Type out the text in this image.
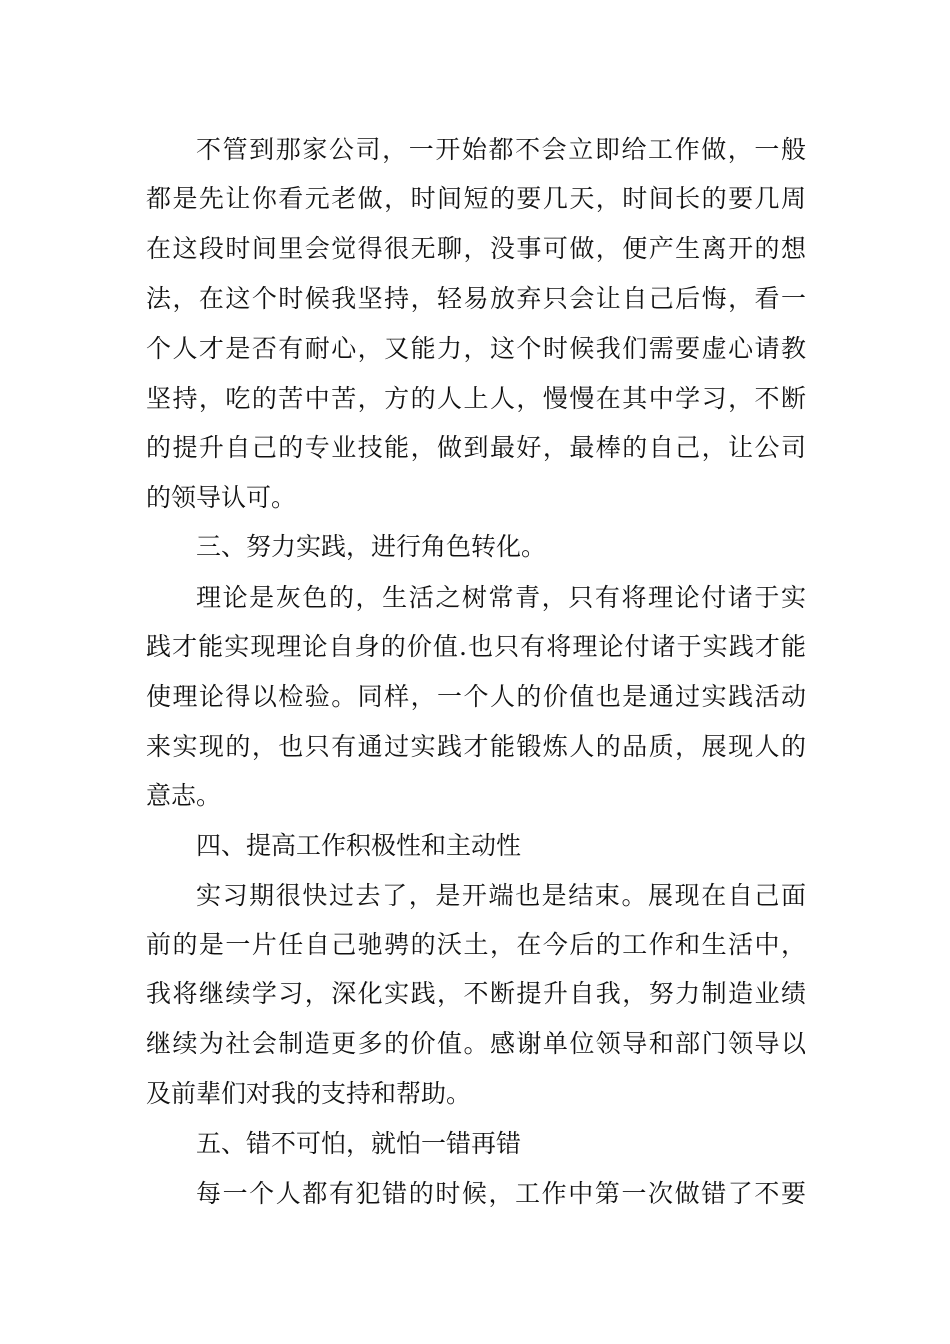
不管到那家公司，一开始都不会立即给工作做，一般
都是先让你看元老做，时间短的要几天，时间长的要几周
在这段时间里会觉得很无聊，没事可做，便产生离开的想
法，在这个时候我坚持，轻易放弃只会让自己后悔，看一
个人才是否有耐心，又能力，这个时候我们需要虚心请教
坚持，吃的苦中苦，方的人上人，慢慢在其中学习，不断
的提升自己的专业技能，做到最好，最棒的自己，让公司
的领导认可。
三、努力实践，进行角色转化。
理论是灰色的，生活之树常青，只有将理论付诸于实
践才能实现理论自身的价值.也只有将理论付诸于实践才能
使理论得以检验。同样，一个人的价值也是通过实践活动
来实现的，也只有通过实践才能锻炼人的品质，展现人的
意志。
四、提高工作积极性和主动性
实习期很快过去了，是开端也是结束。展现在自己面
前的是一片任自己驰骋的沃土，在今后的工作和生活中，
我将继续学习，深化实践，不断提升自我，努力制造业绩
继续为社会制造更多的价值。感谢单位领导和部门领导以
及前辈们对我的支持和帮助。
五、错不可怕，就怕一错再错
每一个人都有犯错的时候，工作中第一次做错了不要
